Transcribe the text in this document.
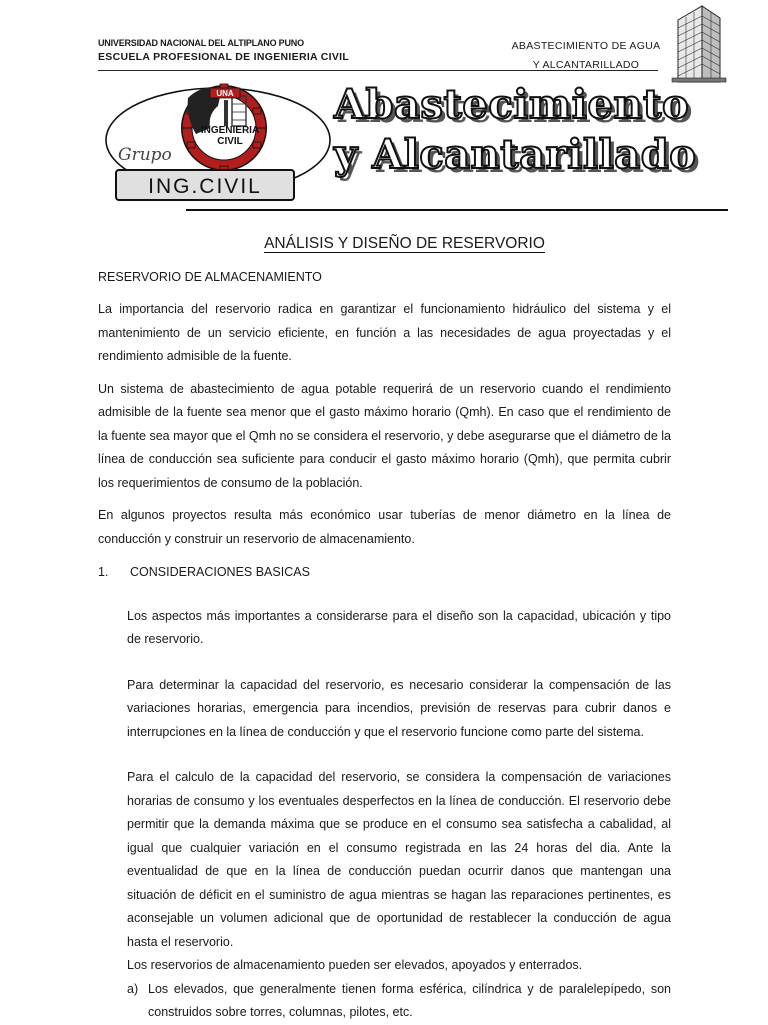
UNIVERSIDAD NACIONAL DEL ALTIPLANO PUNO
ESCUELA PROFESIONAL DE INGENIERIA CIVIL
ABASTECIMIENTO DE AGUA
Y ALCANTARILLADO
UNA
INGENIERIA
CIVIL
Grupo
ING.CIVIL
Abastecimiento
y Alcantarillado
ANÁLISIS Y DISEÑO DE RESERVORIO
RESERVORIO DE ALMACENAMIENTO

La importancia del reservorio radica en garantizar el funcionamiento hidráulico del sistema y el mantenimiento de un servicio eficiente, en función a las necesidades de agua proyectadas y el rendimiento admisible de la fuente.

Un sistema de abastecimiento de agua potable requerirá de un reservorio cuando el rendimiento admisible de la fuente sea menor que el gasto máximo horario (Qmh). En caso que el rendimiento de la fuente sea mayor que el Qmh no se considera el reservorio, y debe asegurarse que el diámetro de la línea de conducción sea suficiente para conducir el gasto máximo horario (Qmh), que permita cubrir los requerimientos de consumo de la población.

En algunos proyectos resulta más económico usar tuberías de menor diámetro en la línea de conducción y construir un reservorio de almacenamiento.

1.	CONSIDERACIONES BASICAS

Los aspectos más importantes a considerarse para el diseño son la capacidad, ubicación y tipo de reservorio.

Para determinar la capacidad del reservorio, es necesario considerar la compensación de las variaciones horarias, emergencia para incendios, previsión de reservas para cubrir danos e interrupciones en la línea de conducción y que el reservorio funcione como parte del sistema.

Para el calculo de la capacidad del reservorio, se considera la compensación de variaciones horarias de consumo y los eventuales desperfectos en la línea de conducción. El reservorio debe permitir que la demanda máxima que se produce en el consumo sea satisfecha a cabalidad, al igual que cualquier variación en el consumo registrada en las 24 horas del dia. Ante la eventualidad de que en la línea de conducción puedan ocurrir danos que mantengan una situación de déficit en el suministro de agua mientras se hagan las reparaciones pertinentes, es aconsejable un volumen adicional que de oportunidad de restablecer la conducción de agua hasta el reservorio.

Los reservorios de almacenamiento pueden ser elevados, apoyados y enterrados.

a) Los elevados, que generalmente tienen forma esférica, cilíndrica y de paralelepípedo, son construidos sobre torres, columnas, pilotes, etc.
